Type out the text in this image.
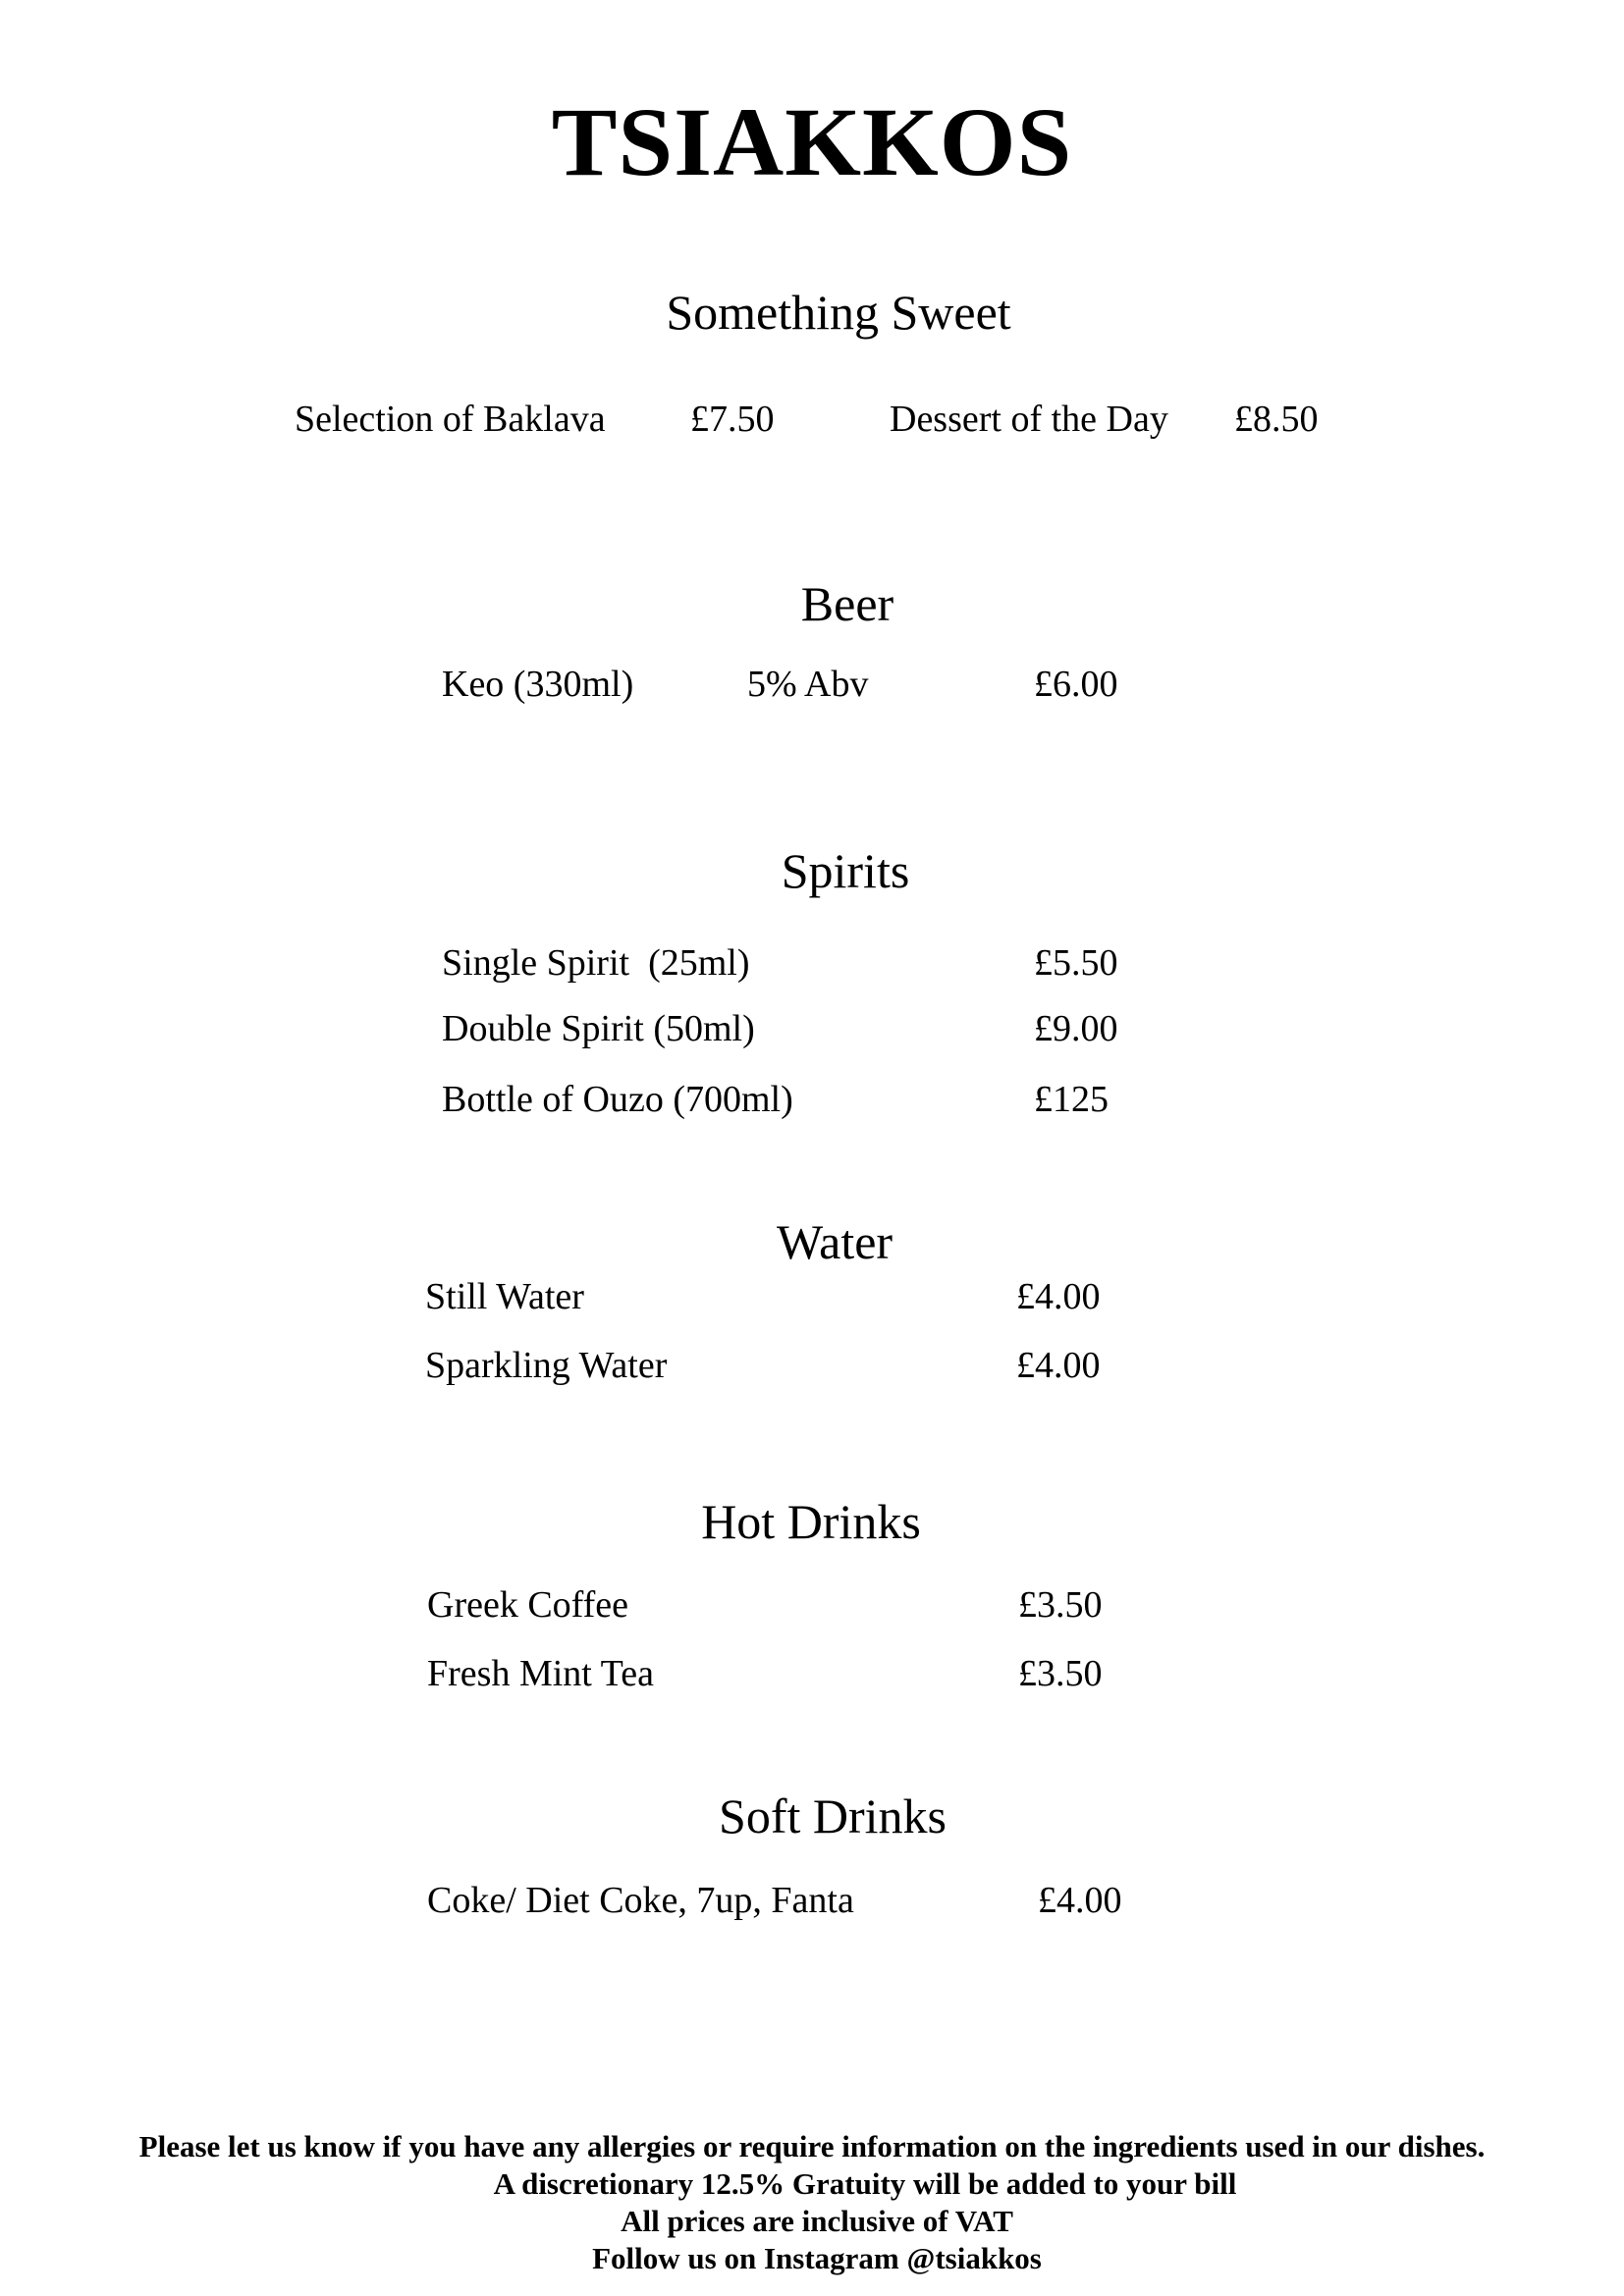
TSIAKKOS
Something Sweet
Selection of Baklava £7.50	Dessert of the Day £8.50
Beer
Keo (330ml)	5% Abv	£6.00
Spirits
Single Spirit  (25ml)	£5.50
Double Spirit (50ml)	£9.00
Bottle of Ouzo (700ml)	£125
Water
Still Water	£4.00
Sparkling Water	£4.00
Hot Drinks
Greek Coffee	£3.50
Fresh Mint Tea	£3.50
Soft Drinks
Coke/ Diet Coke, 7up, Fanta	£4.00
Please let us know if you have any allergies or require information on the ingredients used in our dishes.
A discretionary 12.5% Gratuity will be added to your bill
All prices are inclusive of VAT
Follow us on Instagram @tsiakkos
